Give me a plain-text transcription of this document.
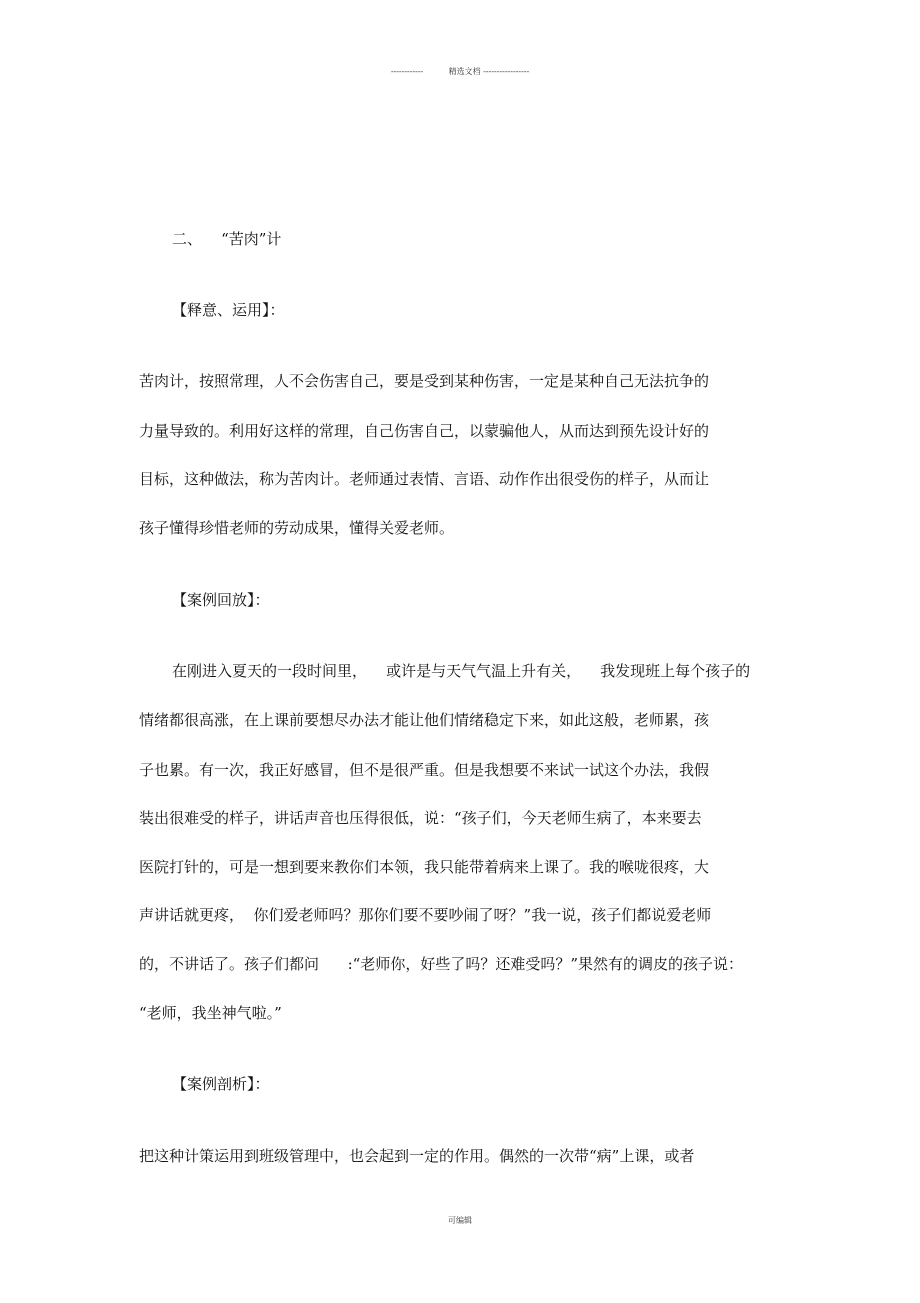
------------          精选文档 -----------------
二、    “苦肉”计
【释意、运用】：
苦肉计，按照常理，人不会伤害自己，要是受到某种伤害，一定是某种自己无法抗争的
力量导致的。利用好这样的常理，自己伤害自己，以蒙骗他人，从而达到预先设计好的
目标，这种做法，称为苦肉计。老师通过表情、言语、动作作出很受伤的样子，从而让
孩子懂得珍惜老师的劳动成果，懂得关爱老师。
【案例回放】：
在刚进入夏天的一段时间里，    或许是与天气气温上升有关，    我发现班上每个孩子的
情绪都很高涨，在上课前要想尽办法才能让他们情绪稳定下来，如此这般，老师累，孩
子也累。有一次，我正好感冒，但不是很严重。但是我想要不来试一试这个办法，我假
装出很难受的样子，讲话声音也压得很低，说：“孩子们，今天老师生病了，本来要去
医院打针的，可是一想到要来教你们本领，我只能带着病来上课了。我的喉咙很疼，大
声讲话就更疼，  你们爱老师吗？那你们要不要吵闹了呀？”我一说，孩子们都说爱老师
的，不讲话了。孩子们都问      :“老师你，好些了吗？还难受吗？”果然有的调皮的孩子说：
“老师，我坐神气啦。”
【案例剖析】：
把这种计策运用到班级管理中，也会起到一定的作用。偶然的一次带“病”上课，或者
可编辑
